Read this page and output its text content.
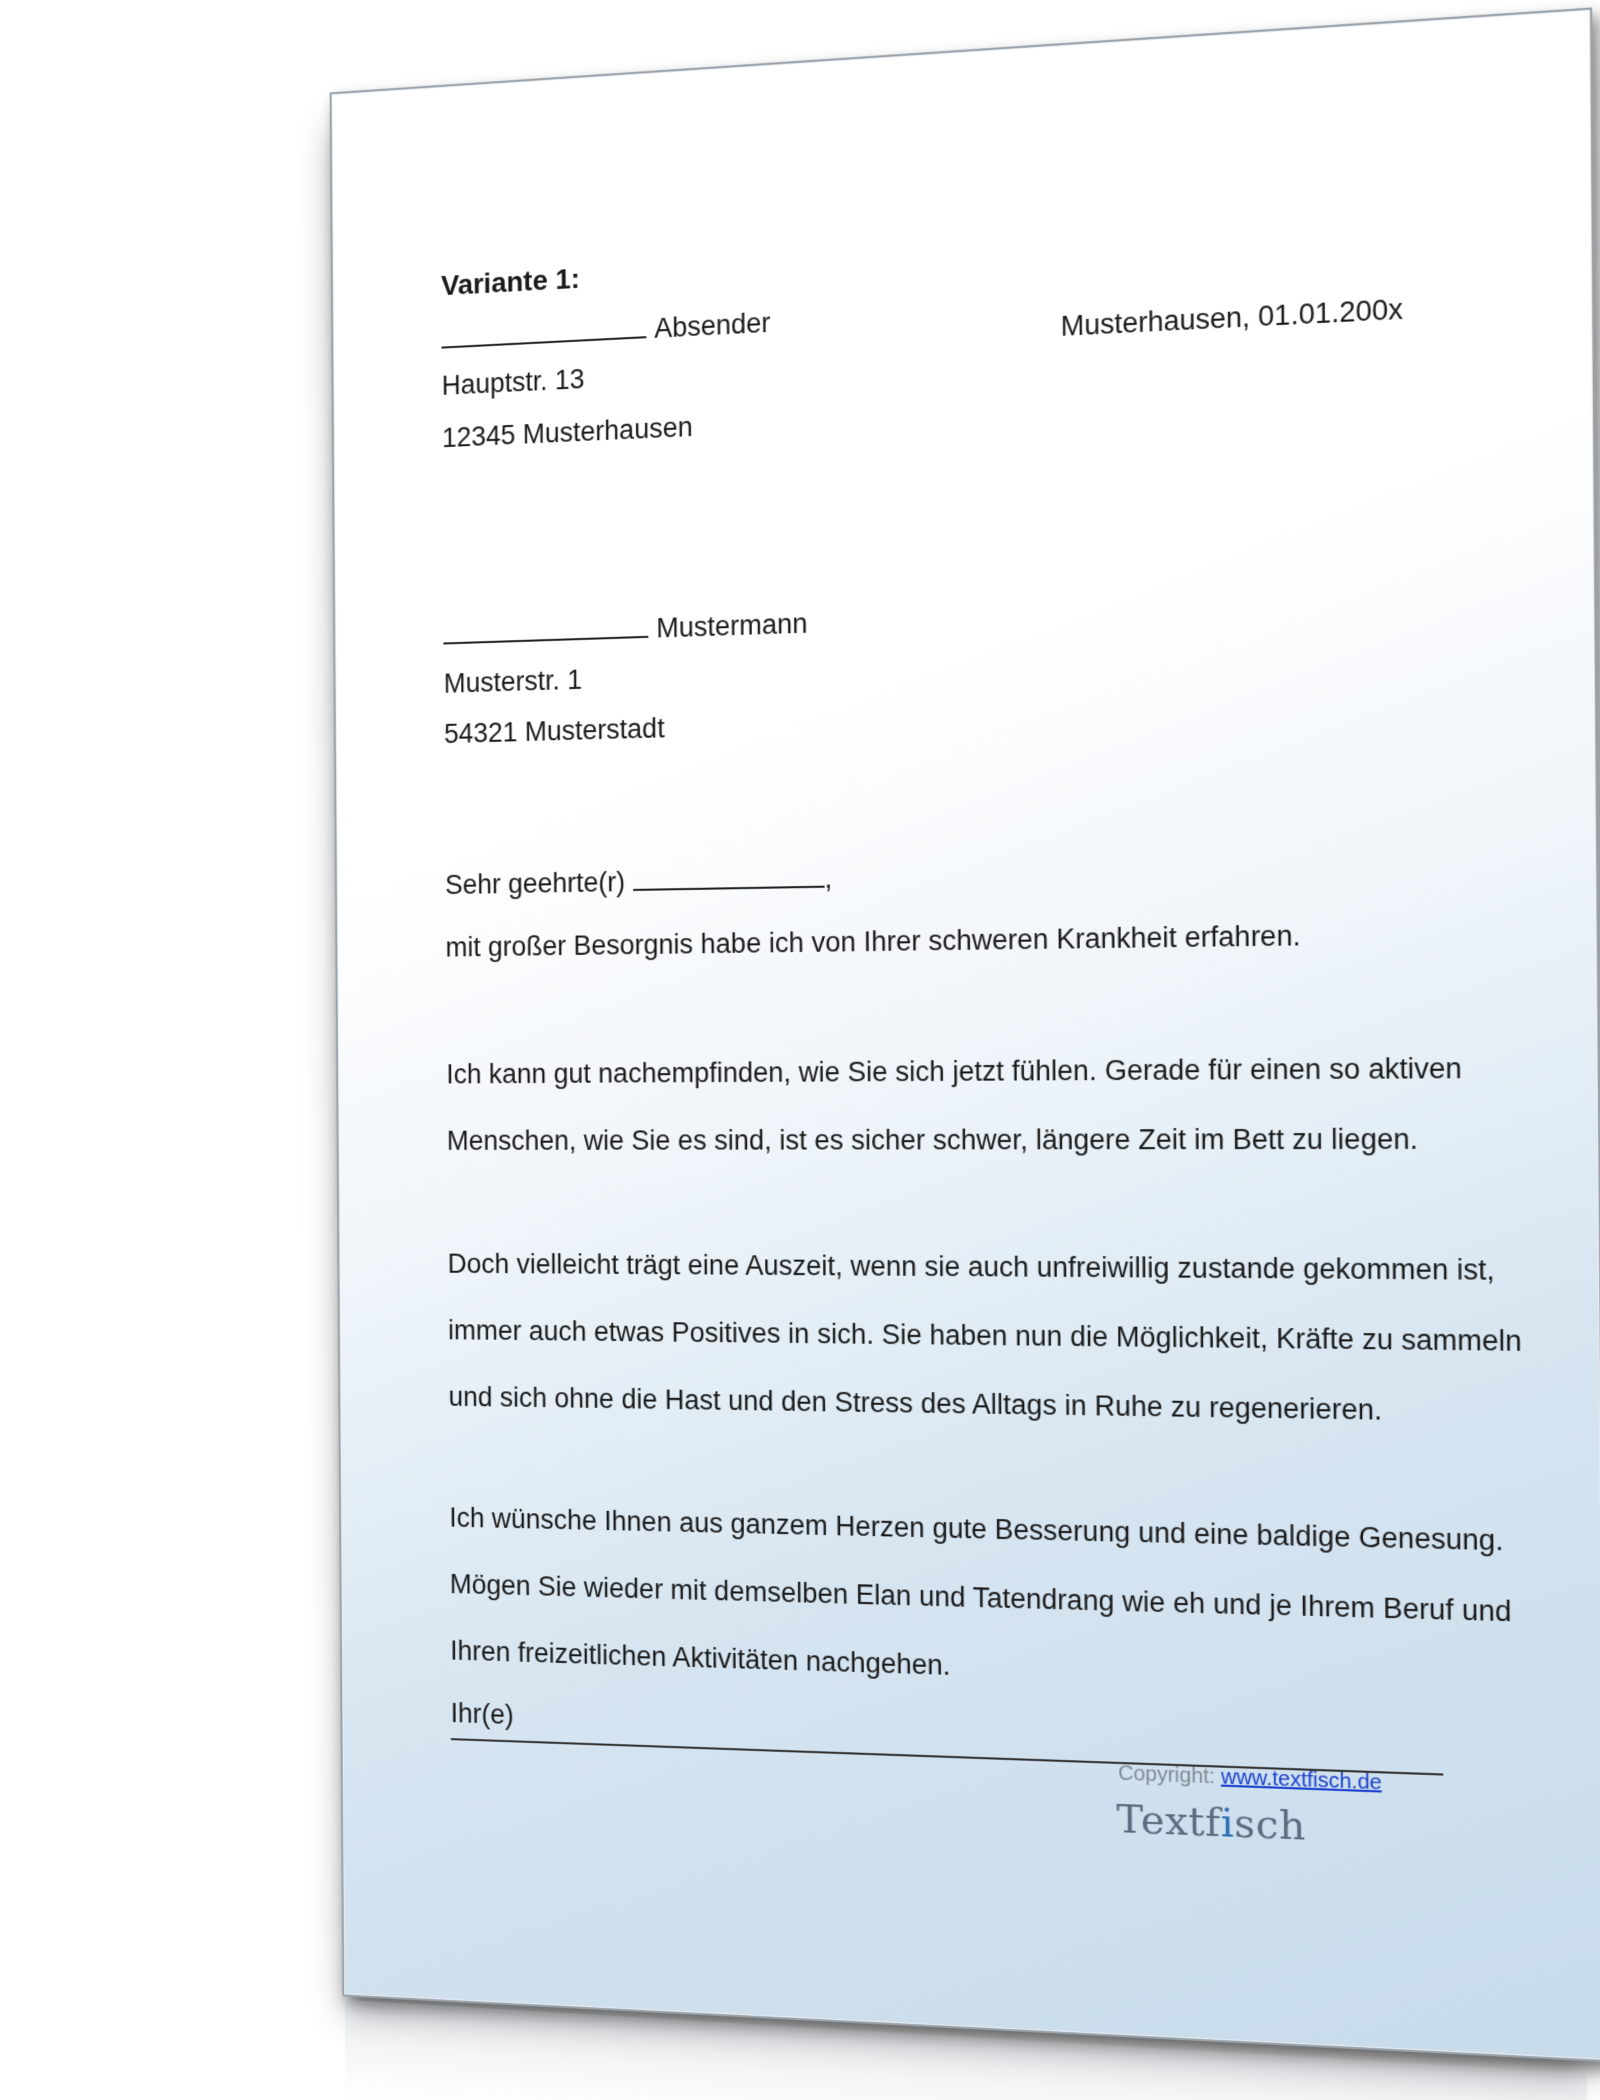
Variante 1:
Absender
Hauptstr. 13
12345 Musterhausen
Musterhausen, 01.01.200x
Mustermann
Musterstr. 1
54321 Musterstadt
Sehr geehrte(r)	,
mit großer Besorgnis habe ich von Ihrer schweren Krankheit erfahren.
Ich kann gut nachempfinden, wie Sie sich jetzt fühlen. Gerade für einen so aktiven
Menschen, wie Sie es sind, ist es sicher schwer, längere Zeit im Bett zu liegen.
Doch vielleicht trägt eine Auszeit, wenn sie auch unfreiwillig zustande gekommen ist,
immer auch etwas Positives in sich. Sie haben nun die Möglichkeit, Kräfte zu sammeln
und sich ohne die Hast und den Stress des Alltags in Ruhe zu regenerieren.
Ich wünsche Ihnen aus ganzem Herzen gute Besserung und eine baldige Genesung.
Mögen Sie wieder mit demselben Elan und Tatendrang wie eh und je Ihrem Beruf und
Ihren freizeitlichen Aktivitäten nachgehen.
Ihr(e)
Copyright: www.textfisch.de
Textfisch
